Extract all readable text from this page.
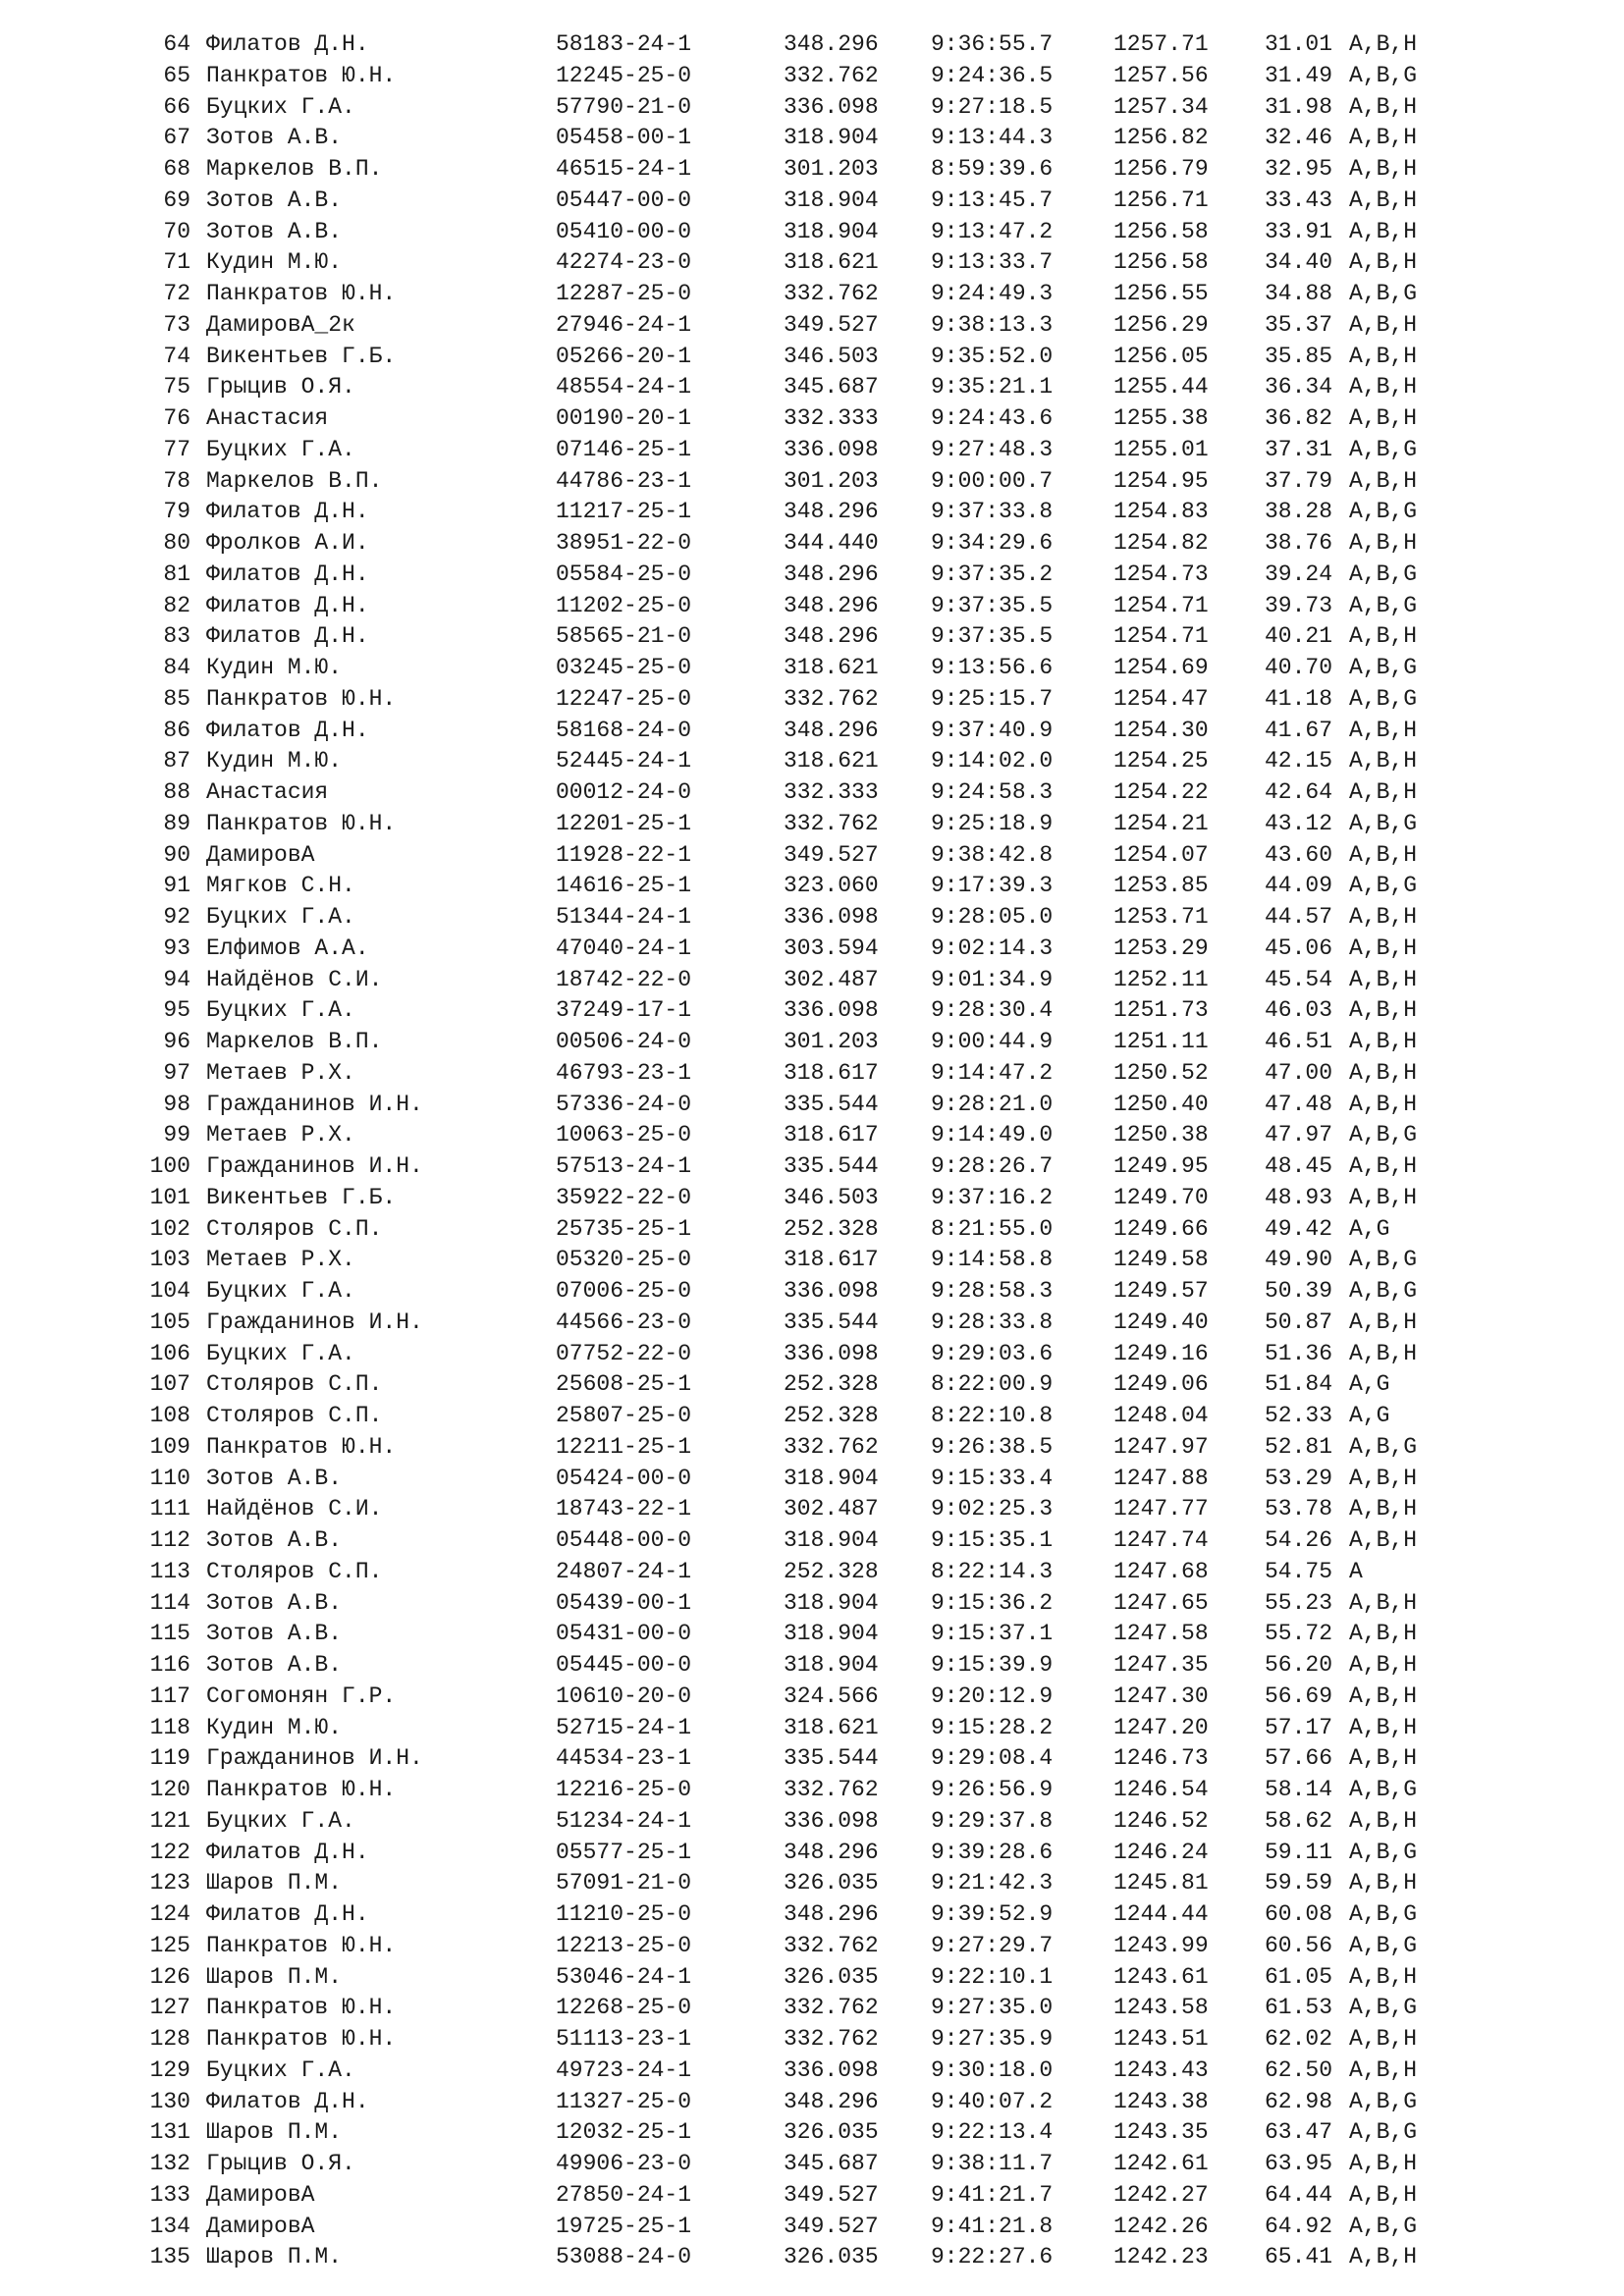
64 Филатов Д.Н.	58183-24-1	348.296	9:36:55.7	1257.71	31.01 A,B,H
65 Панкратов Ю.Н.	12245-25-0	332.762	9:24:36.5	1257.56	31.49 A,B,G
66 Буцких Г.А.	57790-21-0	336.098	9:27:18.5	1257.34	31.98 A,B,H
67 Зотов А.В.	05458-00-1	318.904	9:13:44.3	1256.82	32.46 A,B,H
68 Маркелов В.П.	46515-24-1	301.203	8:59:39.6	1256.79	32.95 A,B,H
69 Зотов А.В.	05447-00-0	318.904	9:13:45.7	1256.71	33.43 A,B,H
70 Зотов А.В.	05410-00-0	318.904	9:13:47.2	1256.58	33.91 A,B,H
71 Кудин М.Ю.	42274-23-0	318.621	9:13:33.7	1256.58	34.40 A,B,H
72 Панкратов Ю.Н.	12287-25-0	332.762	9:24:49.3	1256.55	34.88 A,B,G
73 ДамировА_2к	27946-24-1	349.527	9:38:13.3	1256.29	35.37 A,B,H
74 Викентьев Г.Б.	05266-20-1	346.503	9:35:52.0	1256.05	35.85 A,B,H
75 Грыцив О.Я.	48554-24-1	345.687	9:35:21.1	1255.44	36.34 A,B,H
76 Анастасия	00190-20-1	332.333	9:24:43.6	1255.38	36.82 A,B,H
77 Буцких Г.А.	07146-25-1	336.098	9:27:48.3	1255.01	37.31 A,B,G
78 Маркелов В.П.	44786-23-1	301.203	9:00:00.7	1254.95	37.79 A,B,H
79 Филатов Д.Н.	11217-25-1	348.296	9:37:33.8	1254.83	38.28 A,B,G
80 Фролков А.И.	38951-22-0	344.440	9:34:29.6	1254.82	38.76 A,B,H
81 Филатов Д.Н.	05584-25-0	348.296	9:37:35.2	1254.73	39.24 A,B,G
82 Филатов Д.Н.	11202-25-0	348.296	9:37:35.5	1254.71	39.73 A,B,G
83 Филатов Д.Н.	58565-21-0	348.296	9:37:35.5	1254.71	40.21 A,B,H
84 Кудин М.Ю.	03245-25-0	318.621	9:13:56.6	1254.69	40.70 A,B,G
85 Панкратов Ю.Н.	12247-25-0	332.762	9:25:15.7	1254.47	41.18 A,B,G
86 Филатов Д.Н.	58168-24-0	348.296	9:37:40.9	1254.30	41.67 A,B,H
87 Кудин М.Ю.	52445-24-1	318.621	9:14:02.0	1254.25	42.15 A,B,H
88 Анастасия	00012-24-0	332.333	9:24:58.3	1254.22	42.64 A,B,H
89 Панкратов Ю.Н.	12201-25-1	332.762	9:25:18.9	1254.21	43.12 A,B,G
90 ДамировА	11928-22-1	349.527	9:38:42.8	1254.07	43.60 A,B,H
91 Мягков С.Н.	14616-25-1	323.060	9:17:39.3	1253.85	44.09 A,B,G
92 Буцких Г.А.	51344-24-1	336.098	9:28:05.0	1253.71	44.57 A,B,H
93 Елфимов А.А.	47040-24-1	303.594	9:02:14.3	1253.29	45.06 A,B,H
94 Найдёнов С.И.	18742-22-0	302.487	9:01:34.9	1252.11	45.54 A,B,H
95 Буцких Г.А.	37249-17-1	336.098	9:28:30.4	1251.73	46.03 A,B,H
96 Маркелов В.П.	00506-24-0	301.203	9:00:44.9	1251.11	46.51 A,B,H
97 Метаев Р.Х.	46793-23-1	318.617	9:14:47.2	1250.52	47.00 A,B,H
98 Гражданинов И.Н.	57336-24-0	335.544	9:28:21.0	1250.40	47.48 A,B,H
99 Метаев Р.Х.	10063-25-0	318.617	9:14:49.0	1250.38	47.97 A,B,G
100 Гражданинов И.Н.	57513-24-1	335.544	9:28:26.7	1249.95	48.45 A,B,H
101 Викентьев Г.Б.	35922-22-0	346.503	9:37:16.2	1249.70	48.93 A,B,H
102 Столяров С.П.	25735-25-1	252.328	8:21:55.0	1249.66	49.42 A,G
103 Метаев Р.Х.	05320-25-0	318.617	9:14:58.8	1249.58	49.90 A,B,G
104 Буцких Г.А.	07006-25-0	336.098	9:28:58.3	1249.57	50.39 A,B,G
105 Гражданинов И.Н.	44566-23-0	335.544	9:28:33.8	1249.40	50.87 A,B,H
106 Буцких Г.А.	07752-22-0	336.098	9:29:03.6	1249.16	51.36 A,B,H
107 Столяров С.П.	25608-25-1	252.328	8:22:00.9	1249.06	51.84 A,G
108 Столяров С.П.	25807-25-0	252.328	8:22:10.8	1248.04	52.33 A,G
109 Панкратов Ю.Н.	12211-25-1	332.762	9:26:38.5	1247.97	52.81 A,B,G
110 Зотов А.В.	05424-00-0	318.904	9:15:33.4	1247.88	53.29 A,B,H
111 Найдёнов С.И.	18743-22-1	302.487	9:02:25.3	1247.77	53.78 A,B,H
112 Зотов А.В.	05448-00-0	318.904	9:15:35.1	1247.74	54.26 A,B,H
113 Столяров С.П.	24807-24-1	252.328	8:22:14.3	1247.68	54.75 A
114 Зотов А.В.	05439-00-1	318.904	9:15:36.2	1247.65	55.23 A,B,H
115 Зотов А.В.	05431-00-0	318.904	9:15:37.1	1247.58	55.72 A,B,H
116 Зотов А.В.	05445-00-0	318.904	9:15:39.9	1247.35	56.20 A,B,H
117 Согомонян Г.Р.	10610-20-0	324.566	9:20:12.9	1247.30	56.69 A,B,H
118 Кудин М.Ю.	52715-24-1	318.621	9:15:28.2	1247.20	57.17 A,B,H
119 Гражданинов И.Н.	44534-23-1	335.544	9:29:08.4	1246.73	57.66 A,B,H
120 Панкратов Ю.Н.	12216-25-0	332.762	9:26:56.9	1246.54	58.14 A,B,G
121 Буцких Г.А.	51234-24-1	336.098	9:29:37.8	1246.52	58.62 A,B,H
122 Филатов Д.Н.	05577-25-1	348.296	9:39:28.6	1246.24	59.11 A,B,G
123 Шаров П.М.	57091-21-0	326.035	9:21:42.3	1245.81	59.59 A,B,H
124 Филатов Д.Н.	11210-25-0	348.296	9:39:52.9	1244.44	60.08 A,B,G
125 Панкратов Ю.Н.	12213-25-0	332.762	9:27:29.7	1243.99	60.56 A,B,G
126 Шаров П.М.	53046-24-1	326.035	9:22:10.1	1243.61	61.05 A,B,H
127 Панкратов Ю.Н.	12268-25-0	332.762	9:27:35.0	1243.58	61.53 A,B,G
128 Панкратов Ю.Н.	51113-23-1	332.762	9:27:35.9	1243.51	62.02 A,B,H
129 Буцких Г.А.	49723-24-1	336.098	9:30:18.0	1243.43	62.50 A,B,H
130 Филатов Д.Н.	11327-25-0	348.296	9:40:07.2	1243.38	62.98 A,B,G
131 Шаров П.М.	12032-25-1	326.035	9:22:13.4	1243.35	63.47 A,B,G
132 Грыцив О.Я.	49906-23-0	345.687	9:38:11.7	1242.61	63.95 A,B,H
133 ДамировА	27850-24-1	349.527	9:41:21.7	1242.27	64.44 A,B,H
134 ДамировА	19725-25-1	349.527	9:41:21.8	1242.26	64.92 A,B,G
135 Шаров П.М.	53088-24-0	326.035	9:22:27.6	1242.23	65.41 A,B,H
